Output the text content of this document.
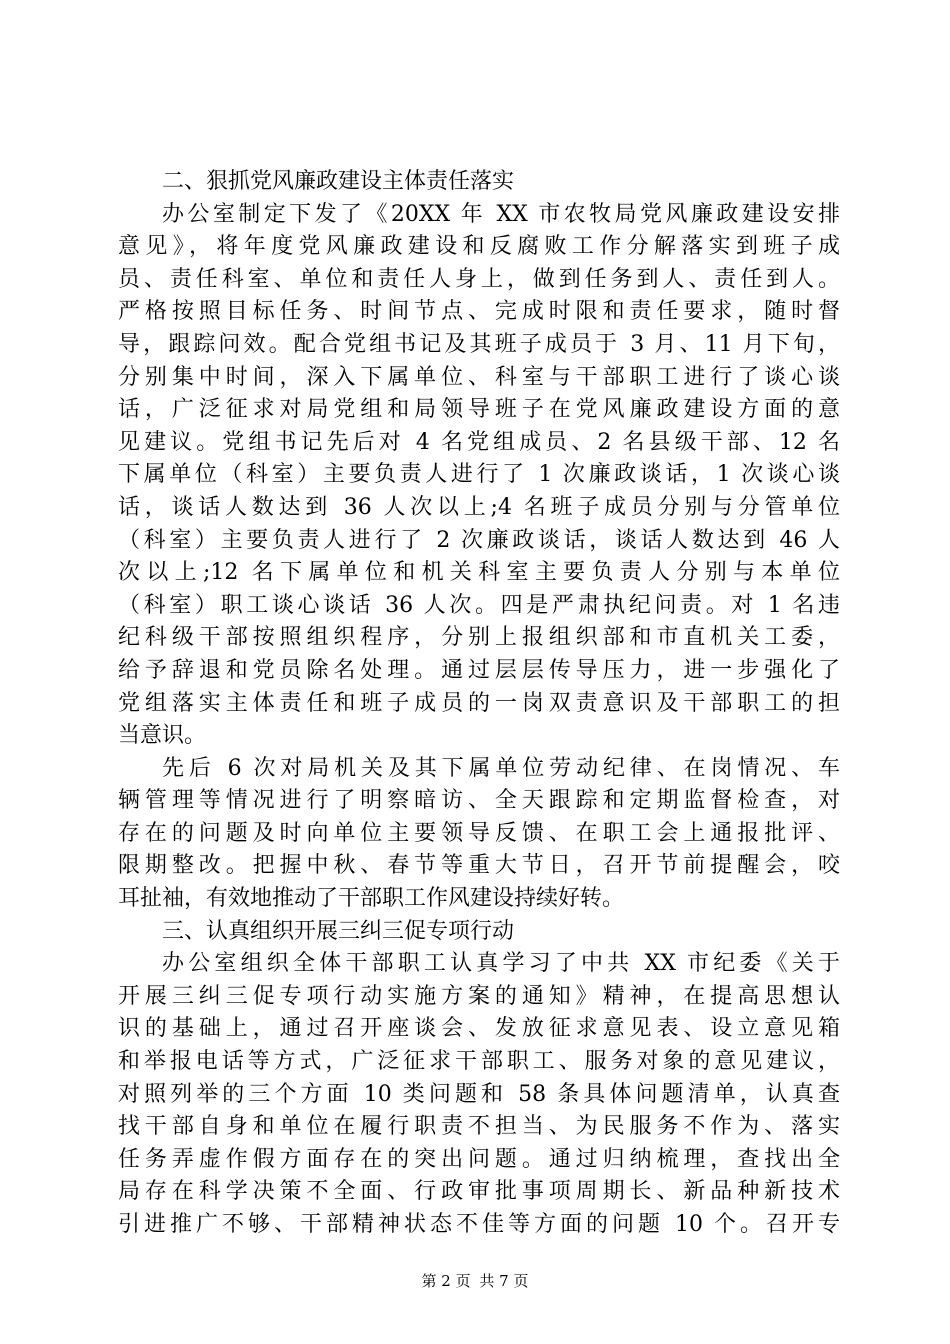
二、狠抓党风廉政建设主体责任落实
办公室制定下发了《20XX 年 XX 市农牧局党风廉政建设安排
意见》，将年度党风廉政建设和反腐败工作分解落实到班子成
员、责任科室、单位和责任人身上，做到任务到人、责任到人。
严格按照目标任务、时间节点、完成时限和责任要求，随时督
导，跟踪问效。配合党组书记及其班子成员于 3 月、11 月下旬，
分别集中时间，深入下属单位、科室与干部职工进行了谈心谈
话，广泛征求对局党组和局领导班子在党风廉政建设方面的意
见建议。党组书记先后对 4 名党组成员、2 名县级干部、12 名
下属单位（科室）主要负责人进行了 1 次廉政谈话，1 次谈心谈
话，谈话人数达到 36 人次以上;4 名班子成员分别与分管单位
（科室）主要负责人进行了 2 次廉政谈话，谈话人数达到 46 人
次以上;12 名下属单位和机关科室主要负责人分别与本单位
（科室）职工谈心谈话 36 人次。四是严肃执纪问责。对 1 名违
纪科级干部按照组织程序，分别上报组织部和市直机关工委，
给予辞退和党员除名处理。通过层层传导压力，进一步强化了
党组落实主体责任和班子成员的一岗双责意识及干部职工的担
当意识。
先后 6 次对局机关及其下属单位劳动纪律、在岗情况、车
辆管理等情况进行了明察暗访、全天跟踪和定期监督检查，对
存在的问题及时向单位主要领导反馈、在职工会上通报批评、
限期整改。把握中秋、春节等重大节日，召开节前提醒会，咬
耳扯袖，有效地推动了干部职工作风建设持续好转。
三、认真组织开展三纠三促专项行动
办公室组织全体干部职工认真学习了中共 XX 市纪委《关于
开展三纠三促专项行动实施方案的通知》精神，在提高思想认
识的基础上，通过召开座谈会、发放征求意见表、设立意见箱
和举报电话等方式，广泛征求干部职工、服务对象的意见建议，
对照列举的三个方面 10 类问题和 58 条具体问题清单，认真查
找干部自身和单位在履行职责不担当、为民服务不作为、落实
任务弄虚作假方面存在的突出问题。通过归纳梳理，查找出全
局存在科学决策不全面、行政审批事项周期长、新品种新技术
引进推广不够、干部精神状态不佳等方面的问题 10 个。召开专
第 2 页 共 7 页
